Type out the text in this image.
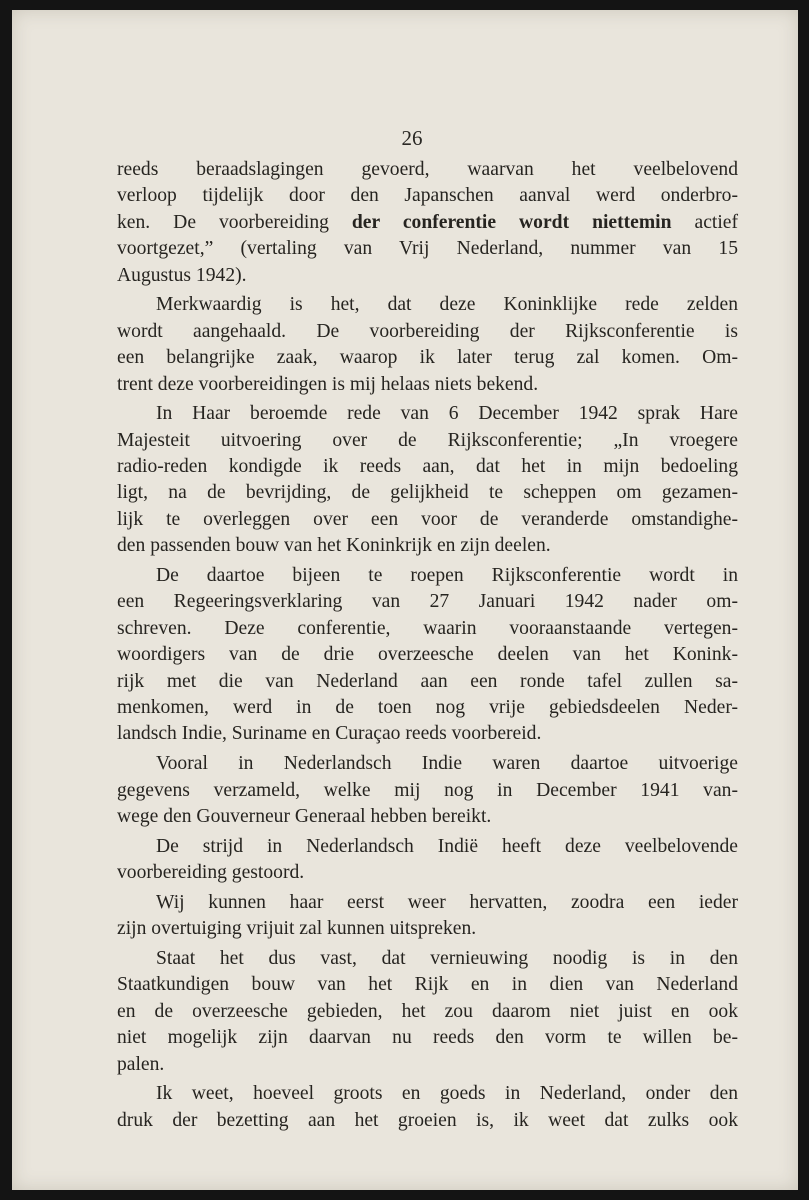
26
reeds beraadslagingen gevoerd, waarvan het veelbelovend
verloop tijdelijk door den Japanschen aanval werd onderbro-
ken. De voorbereiding der conferentie wordt niettemin actief
voortgezet,” (vertaling van Vrij Nederland, nummer van 15
Augustus 1942).
Merkwaardig is het, dat deze Koninklijke rede zelden
wordt aangehaald. De voorbereiding der Rijksconferentie is
een belangrijke zaak, waarop ik later terug zal komen. Om-
trent deze voorbereidingen is mij helaas niets bekend.
In Haar beroemde rede van 6 December 1942 sprak Hare
Majesteit uitvoering over de Rijksconferentie; „In vroegere
radio-reden kondigde ik reeds aan, dat het in mijn bedoeling
ligt, na de bevrijding, de gelijkheid te scheppen om gezamen-
lijk te overleggen over een voor de veranderde omstandighe-
den passenden bouw van het Koninkrijk en zijn deelen.
De daartoe bijeen te roepen Rijksconferentie wordt in
een Regeeringsverklaring van 27 Januari 1942 nader om-
schreven. Deze conferentie, waarin vooraanstaande vertegen-
woordigers van de drie overzeesche deelen van het Konink-
rijk met die van Nederland aan een ronde tafel zullen sa-
menkomen, werd in de toen nog vrije gebiedsdeelen Neder-
landsch Indie, Suriname en Curaçao reeds voorbereid.
Vooral in Nederlandsch Indie waren daartoe uitvoerige
gegevens verzameld, welke mij nog in December 1941 van-
wege den Gouverneur Generaal hebben bereikt.
De strijd in Nederlandsch Indië heeft deze veelbelovende
voorbereiding gestoord.
Wij kunnen haar eerst weer hervatten, zoodra een ieder
zijn overtuiging vrijuit zal kunnen uitspreken.
Staat het dus vast, dat vernieuwing noodig is in den
Staatkundigen bouw van het Rijk en in dien van Nederland
en de overzeesche gebieden, het zou daarom niet juist en ook
niet mogelijk zijn daarvan nu reeds den vorm te willen be-
palen.
Ik weet, hoeveel groots en goeds in Nederland, onder den
druk der bezetting aan het groeien is, ik weet dat zulks ook
